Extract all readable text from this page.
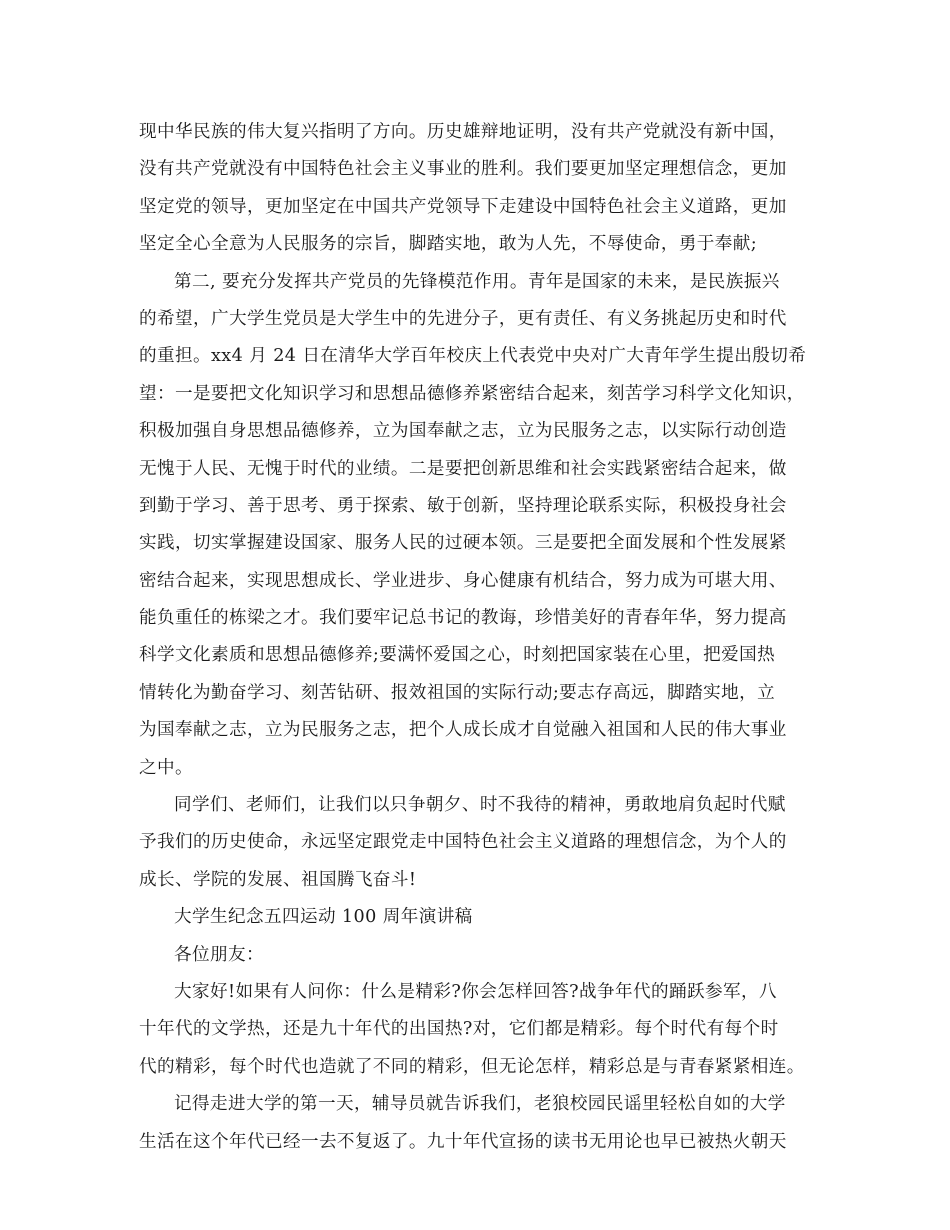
现中华民族的伟大复兴指明了方向。历史雄辩地证明，没有共产党就没有新中国，
没有共产党就没有中国特色社会主义事业的胜利。我们要更加坚定理想信念，更加
坚定党的领导，更加坚定在中国共产党领导下走建设中国特色社会主义道路，更加
坚定全心全意为人民服务的宗旨，脚踏实地，敢为人先，不辱使命，勇于奉献;
第二, 要充分发挥共产党员的先锋模范作用。青年是国家的未来，是民族振兴
的希望，广大学生党员是大学生中的先进分子，更有责任、有义务挑起历史和时代
的重担。xx4 月 24 日在清华大学百年校庆上代表党中央对广大青年学生提出殷切希
望：一是要把文化知识学习和思想品德修养紧密结合起来，刻苦学习科学文化知识，
积极加强自身思想品德修养，立为国奉献之志，立为民服务之志，以实际行动创造
无愧于人民、无愧于时代的业绩。二是要把创新思维和社会实践紧密结合起来，做
到勤于学习、善于思考、勇于探索、敏于创新，坚持理论联系实际，积极投身社会
实践，切实掌握建设国家、服务人民的过硬本领。三是要把全面发展和个性发展紧
密结合起来，实现思想成长、学业进步、身心健康有机结合，努力成为可堪大用、
能负重任的栋梁之才。我们要牢记总书记的教诲，珍惜美好的青春年华，努力提高
科学文化素质和思想品德修养;要满怀爱国之心，时刻把国家装在心里，把爱国热
情转化为勤奋学习、刻苦钻研、报效祖国的实际行动;要志存高远，脚踏实地，立
为国奉献之志，立为民服务之志，把个人成长成才自觉融入祖国和人民的伟大事业
之中。
同学们、老师们，让我们以只争朝夕、时不我待的精神，勇敢地肩负起时代赋
予我们的历史使命，永远坚定跟党走中国特色社会主义道路的理想信念，为个人的
成长、学院的发展、祖国腾飞奋斗!
大学生纪念五四运动 100 周年演讲稿
各位朋友：
大家好!如果有人问你：什么是精彩?你会怎样回答?战争年代的踊跃参军，八
十年代的文学热，还是九十年代的出国热?对，它们都是精彩。每个时代有每个时
代的精彩，每个时代也造就了不同的精彩，但无论怎样，精彩总是与青春紧紧相连。
记得走进大学的第一天，辅导员就告诉我们，老狼校园民谣里轻松自如的大学
生活在这个年代已经一去不复返了。九十年代宣扬的读书无用论也早已被热火朝天
